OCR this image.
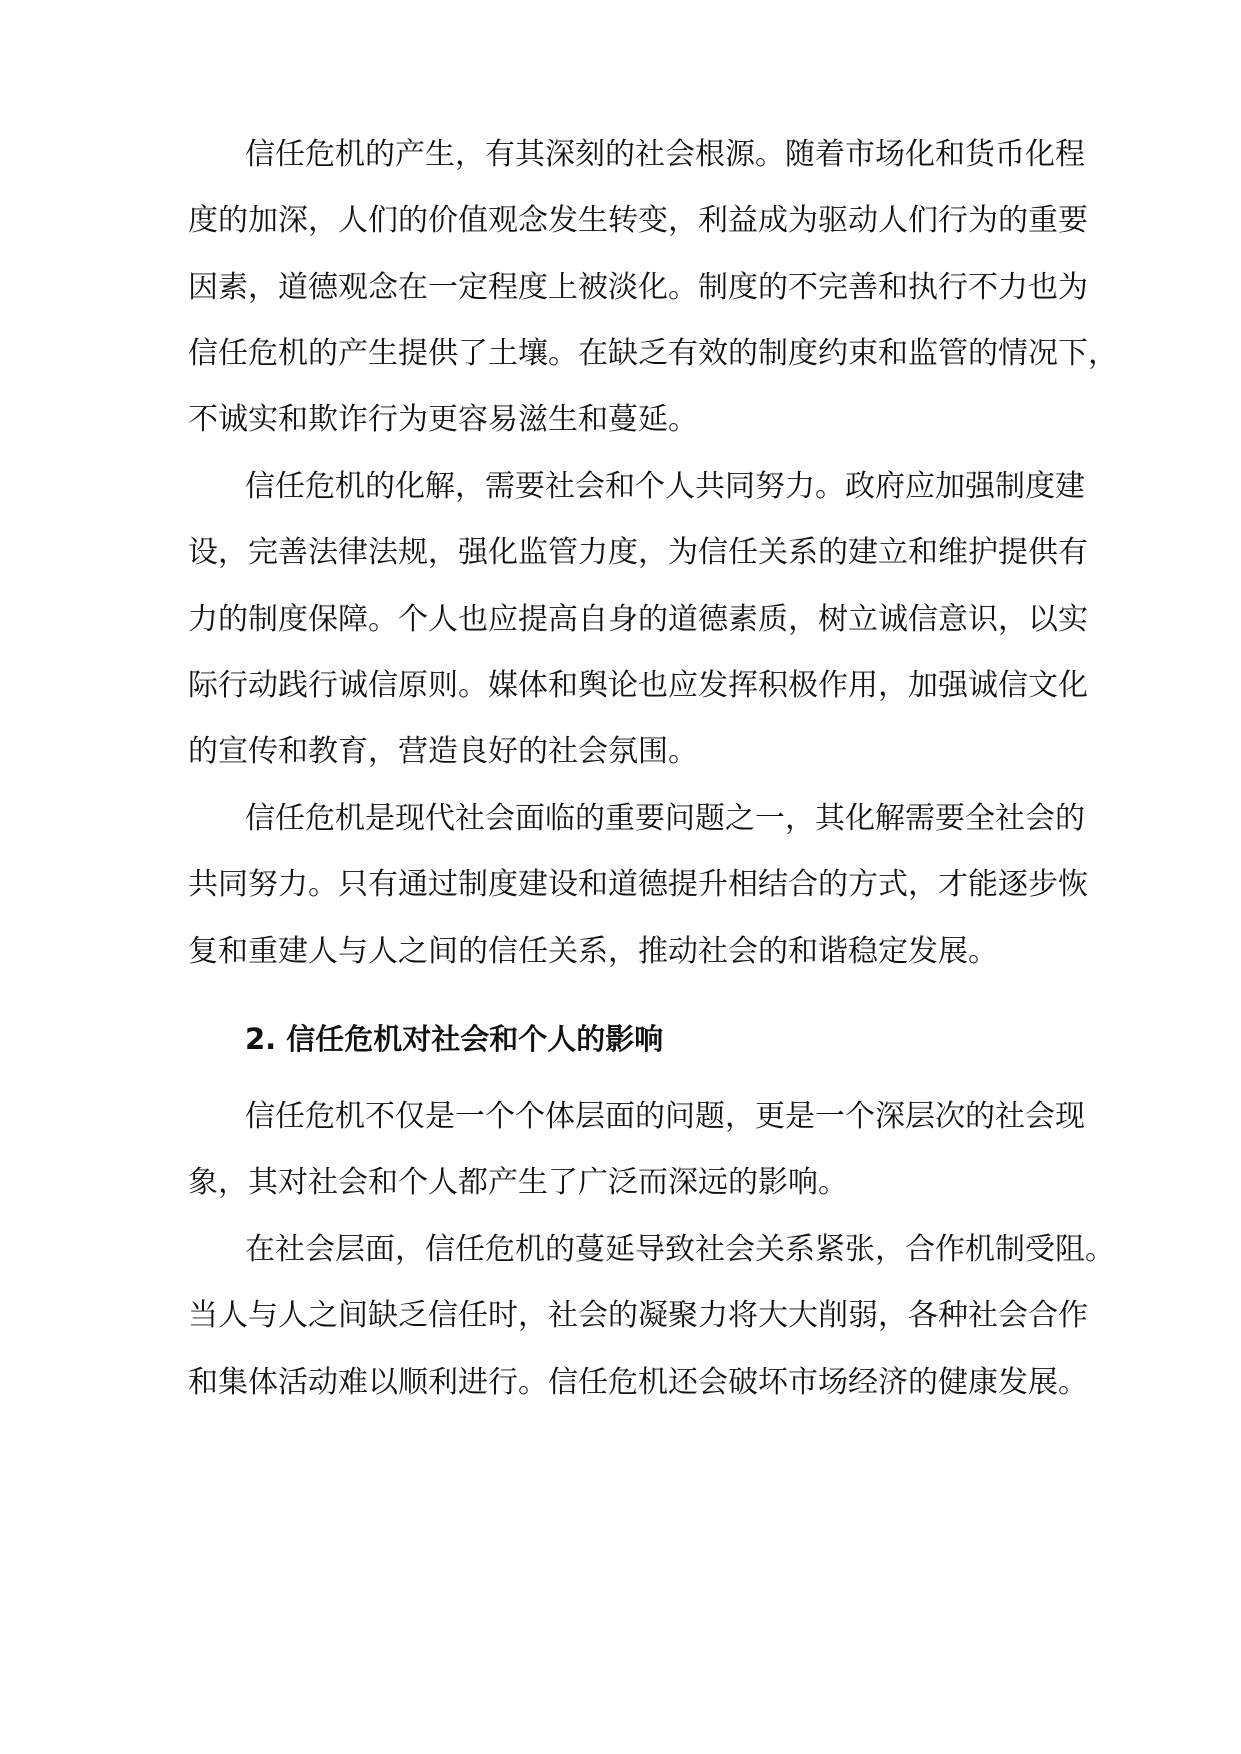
信任危机的产生，有其深刻的社会根源。随着市场化和货币化程
度的加深，人们的价值观念发生转变，利益成为驱动人们行为的重要
因素，道德观念在一定程度上被淡化。制度的不完善和执行不力也为
信任危机的产生提供了土壤。在缺乏有效的制度约束和监管的情况下，
不诚实和欺诈行为更容易滋生和蔓延。
信任危机的化解，需要社会和个人共同努力。政府应加强制度建
设，完善法律法规，强化监管力度，为信任关系的建立和维护提供有
力的制度保障。个人也应提高自身的道德素质，树立诚信意识，以实
际行动践行诚信原则。媒体和舆论也应发挥积极作用，加强诚信文化
的宣传和教育，营造良好的社会氛围。
信任危机是现代社会面临的重要问题之一，其化解需要全社会的
共同努力。只有通过制度建设和道德提升相结合的方式，才能逐步恢
复和重建人与人之间的信任关系，推动社会的和谐稳定发展。
2. 信任危机对社会和个人的影响
信任危机不仅是一个个体层面的问题，更是一个深层次的社会现
象，其对社会和个人都产生了广泛而深远的影响。
在社会层面，信任危机的蔓延导致社会关系紧张，合作机制受阻。
当人与人之间缺乏信任时，社会的凝聚力将大大削弱，各种社会合作
和集体活动难以顺利进行。信任危机还会破坏市场经济的健康发展。
